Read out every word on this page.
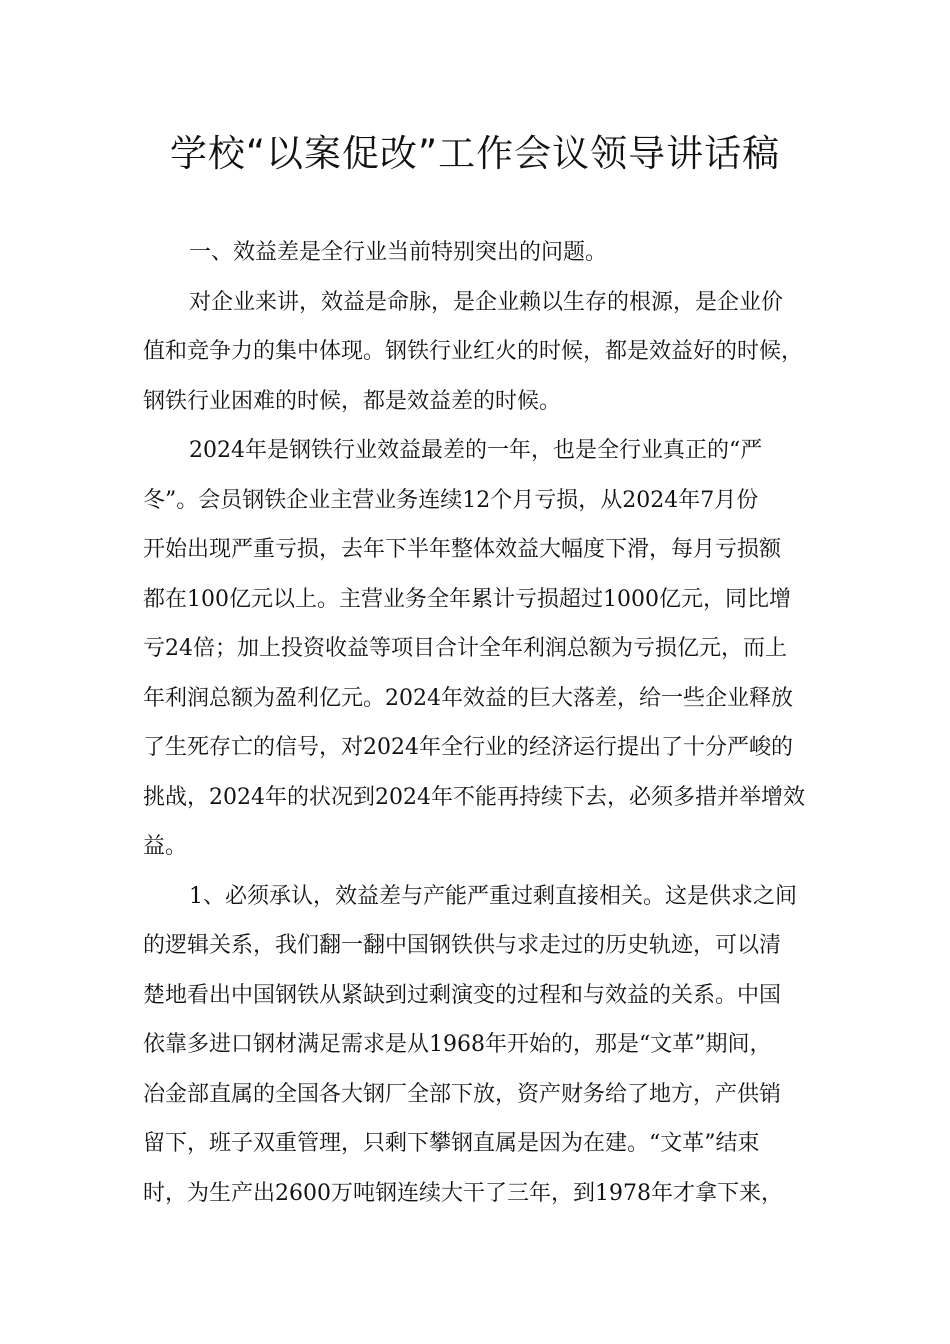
学校“以案促改”工作会议领导讲话稿

一、效益差是全行业当前特别突出的问题。

对企业来讲，效益是命脉，是企业赖以生存的根源，是企业价
值和竞争力的集中体现。钢铁行业红火的时候，都是效益好的时候，
钢铁行业困难的时候，都是效益差的时候。

2024年是钢铁行业效益最差的一年，也是全行业真正的“严
冬”。会员钢铁企业主营业务连续12个月亏损，从2024年7月份
开始出现严重亏损，去年下半年整体效益大幅度下滑，每月亏损额
都在100亿元以上。主营业务全年累计亏损超过1000亿元，同比增
亏24倍；加上投资收益等项目合计全年利润总额为亏损亿元，而上
年利润总额为盈利亿元。2024年效益的巨大落差，给一些企业释放
了生死存亡的信号，对2024年全行业的经济运行提出了十分严峻的
挑战，2024年的状况到2024年不能再持续下去，必须多措并举增效
益。

1、必须承认，效益差与产能严重过剩直接相关。这是供求之间
的逻辑关系，我们翻一翻中国钢铁供与求走过的历史轨迹，可以清
楚地看出中国钢铁从紧缺到过剩演变的过程和与效益的关系。中国
依靠多进口钢材满足需求是从1968年开始的，那是“文革”期间，
冶金部直属的全国各大钢厂全部下放，资产财务给了地方，产供销
留下，班子双重管理，只剩下攀钢直属是因为在建。“文革”结束
时，为生产出2600万吨钢连续大干了三年，到1978年才拿下来，
